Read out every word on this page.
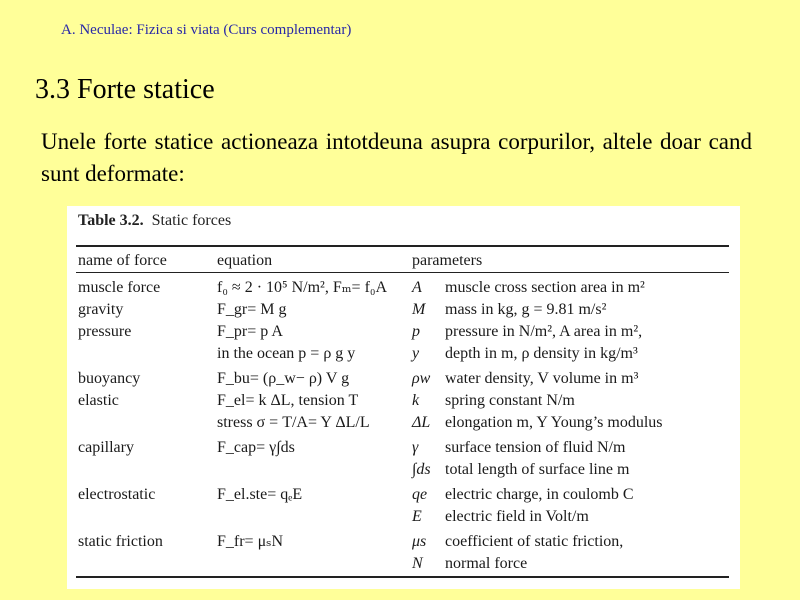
A. Neculae: Fizica si viata (Curs complementar)
3.3 Forte statice
Unele forte statice actioneaza intotdeuna asupra corpurilor, altele doar cand sunt deformate:
Table 3.2. Static forces
name of force	equation	parameters	

muscle force	f₀ ≈ 2 · 10⁵ N/m², Fₘ= f₀A	A	muscle cross section area in m²
gravity	F_gr= M g	M	mass in kg, g = 9.81 m/s²
pressure	F_pr= p A	p	pressure in N/m², A area in m²,
	in the ocean p = ρ g y	y	depth in m, ρ density in kg/m³

buoyancy	F_bu= (ρ_w− ρ) V g	ρw	water density, V volume in m³
elastic	F_el= k ΔL, tension T	k	spring constant N/m
	stress σ = T/A= Y ΔL/L	ΔL	elongation m, Y Young’s modulus

capillary	F_cap= γ∫ds	γ	surface tension of fluid N/m
		∫ds	total length of surface line m

electrostatic	F_el.ste= qₑE	qe	electric charge, in coulomb C
		E	electric field in Volt/m

static friction	F_fr= μₛN	μs	coefficient of static friction,
		N	normal force
